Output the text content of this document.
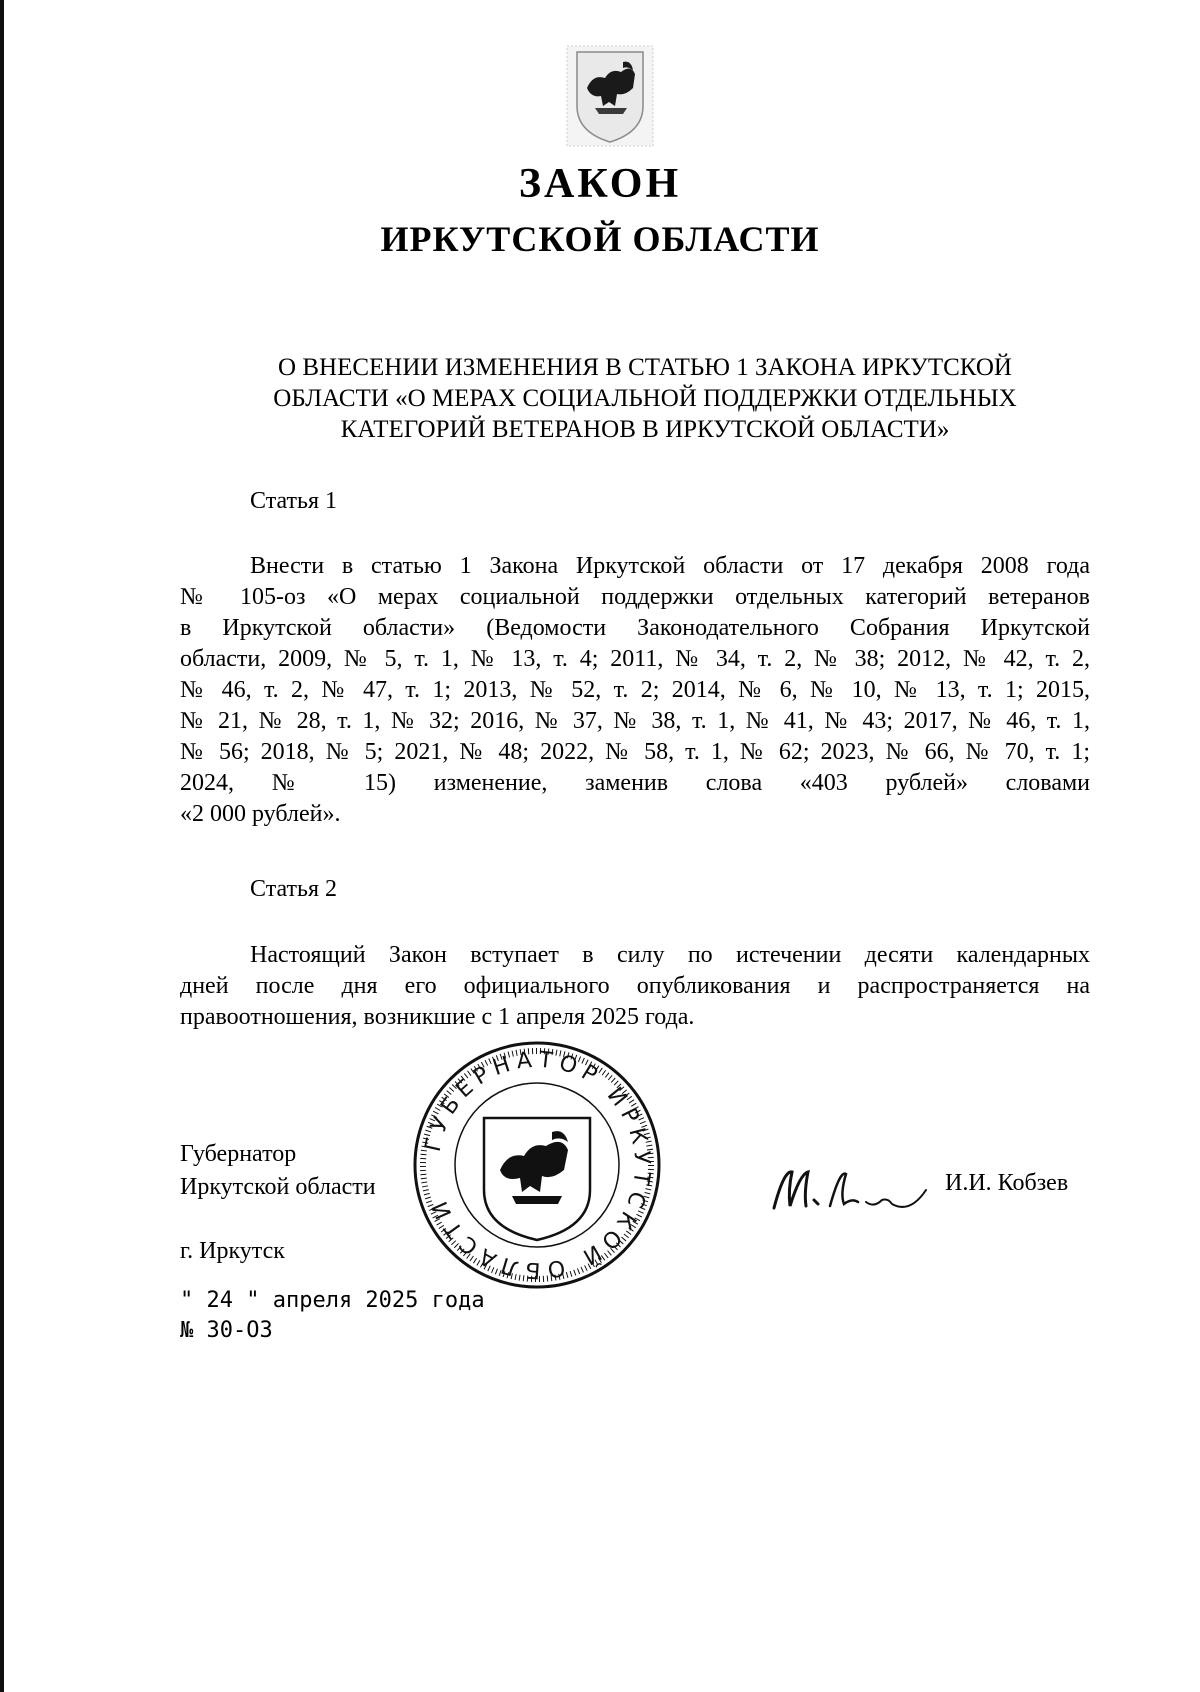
ЗАКОН
ИРКУТСКОЙ ОБЛАСТИ
О ВНЕСЕНИИ ИЗМЕНЕНИЯ В СТАТЬЮ 1 ЗАКОНА ИРКУТСКОЙ
ОБЛАСТИ «О МЕРАХ СОЦИАЛЬНОЙ ПОДДЕРЖКИ ОТДЕЛЬНЫХ
КАТЕГОРИЙ ВЕТЕРАНОВ В ИРКУТСКОЙ ОБЛАСТИ»

Статья 1

Внести в статью 1 Закона Иркутской области от 17 декабря 2008 года
№ 105-оз «О мерах социальной поддержки отдельных категорий ветеранов
в Иркутской области» (Ведомости Законодательного Собрания Иркутской
области, 2009, № 5, т. 1, № 13, т. 4; 2011, № 34, т. 2, № 38; 2012, № 42, т. 2,
№ 46, т. 2, № 47, т. 1; 2013, № 52, т. 2; 2014, № 6, № 10, № 13, т. 1; 2015,
№ 21, № 28, т. 1, № 32; 2016, № 37, № 38, т. 1, № 41, № 43; 2017, № 46, т. 1,
№ 56; 2018, № 5; 2021, № 48; 2022, № 58, т. 1, № 62; 2023, № 66, № 70, т. 1;
2024, № 15) изменение, заменив слова «403 рублей» словами
«2 000 рублей».

Статья 2

Настоящий Закон вступает в силу по истечении десяти календарных
дней после дня его официального опубликования и распространяется на
правоотношения, возникшие с 1 апреля 2025 года.
Губернатор
Иркутской области
ГУБЕРНАТОР ИРКУТСКОЙ ОБЛАСТИ

И.И. Кобзев

г. Иркутск

" 24 " апреля 2025 года

№ 30-ОЗ
